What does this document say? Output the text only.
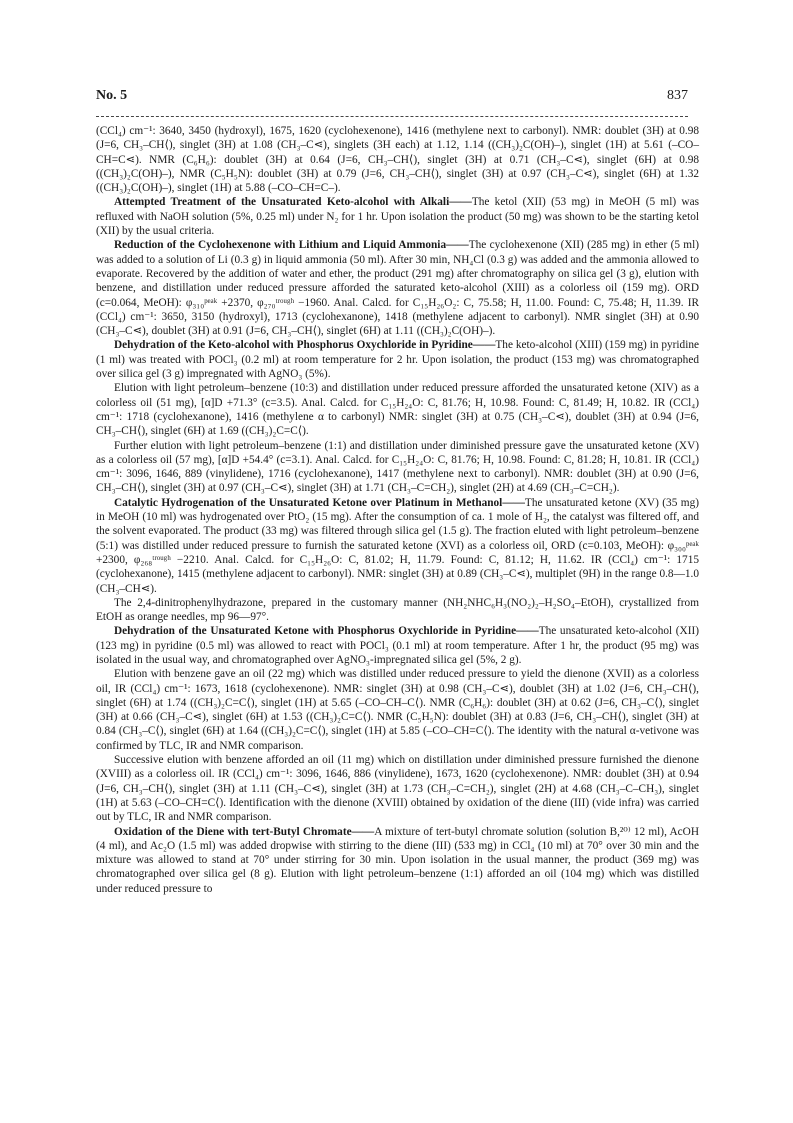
No. 5	837

(CCl₄) cm⁻¹: 3640, 3450 (hydroxyl), 1675, 1620 (cyclohexenone), 1416 (methylene next to carbonyl). NMR: doublet (3H) at 0.98 (J=6, CH₃–CH⟨), singlet (3H) at 1.08 (CH₃–C⋖), singlets (3H each) at 1.12, 1.14 ((CH₃)₂C(OH)–), singlet (1H) at 5.61 (–CO–CH=C⋖). NMR (C₆H₆): doublet (3H) at 0.64 (J=6, CH₃–CH⟨), singlet (3H) at 0.71 (CH₃–C⋖), singlet (6H) at 0.98 ((CH₃)₂C(OH)–), NMR (C₅H₅N): doublet (3H) at 0.79 (J=6, CH₃–CH⟨), singlet (3H) at 0.97 (CH₃–C⋖), singlet (6H) at 1.32 ((CH₃)₂C(OH)–), singlet (1H) at 5.88 (–CO–CH=C–).

Attempted Treatment of the Unsaturated Keto-alcohol with Alkali——The ketol (XII) (53 mg) in MeOH (5 ml) was refluxed with NaOH solution (5%, 0.25 ml) under N₂ for 1 hr. Upon isolation the product (50 mg) was shown to be the starting ketol (XII) by the usual criteria.

Reduction of the Cyclohexenone with Lithium and Liquid Ammonia——The cyclohexenone (XII) (285 mg) in ether (5 ml) was added to a solution of Li (0.3 g) in liquid ammonia (50 ml). After 30 min, NH₄Cl (0.3 g) was added and the ammonia allowed to evaporate. Recovered by the addition of water and ether, the product (291 mg) after chromatography on silica gel (3 g), elution with benzene, and distillation under reduced pressure afforded the saturated keto-alcohol (XIII) as a colorless oil (159 mg). ORD (c=0.064, MeOH): φ₃₁₀ᵖᵉᵃᵏ +2370, φ₂₇₀ᵗʳᵒᵘᵍʰ −1960. Anal. Calcd. for C₁₅H₂₆O₂: C, 75.58; H, 11.00. Found: C, 75.48; H, 11.39. IR (CCl₄) cm⁻¹: 3650, 3150 (hydroxyl), 1713 (cyclohexanone), 1418 (methylene adjacent to carbonyl). NMR singlet (3H) at 0.90 (CH₃–C⋖), doublet (3H) at 0.91 (J=6, CH₃–CH⟨), singlet (6H) at 1.11 ((CH₃)₂C(OH)–).

Dehydration of the Keto-alcohol with Phosphorus Oxychloride in Pyridine——The keto-alcohol (XIII) (159 mg) in pyridine (1 ml) was treated with POCl₃ (0.2 ml) at room temperature for 2 hr. Upon isolation, the product (153 mg) was chromatographed over silica gel (3 g) impregnated with AgNO₃ (5%).

Elution with light petroleum–benzene (10:3) and distillation under reduced pressure afforded the unsaturated ketone (XIV) as a colorless oil (51 mg), [α]D +71.3° (c=3.5). Anal. Calcd. for C₁₅H₂₄O: C, 81.76; H, 10.98. Found: C, 81.49; H, 10.82. IR (CCl₄) cm⁻¹: 1718 (cyclohexanone), 1416 (methylene α to carbonyl) NMR: singlet (3H) at 0.75 (CH₃–C⋖), doublet (3H) at 0.94 (J=6, CH₃–CH⟨), singlet (6H) at 1.69 ((CH₃)₂C=C⟨).

Further elution with light petroleum–benzene (1:1) and distillation under diminished pressure gave the unsaturated ketone (XV) as a colorless oil (57 mg), [α]D +54.4° (c=3.1). Anal. Calcd. for C₁₅H₂₄O: C, 81.76; H, 10.98. Found: C, 81.28; H, 10.81. IR (CCl₄) cm⁻¹: 3096, 1646, 889 (vinylidene), 1716 (cyclohexanone), 1417 (methylene next to carbonyl). NMR: doublet (3H) at 0.90 (J=6, CH₃–CH⟨), singlet (3H) at 0.97 (CH₃–C⋖), singlet (3H) at 1.71 (CH₃–C=CH₂), singlet (2H) at 4.69 (CH₃–C=CH₂).

Catalytic Hydrogenation of the Unsaturated Ketone over Platinum in Methanol——The unsaturated ketone (XV) (35 mg) in MeOH (10 ml) was hydrogenated over PtO₂ (15 mg). After the consumption of ca. 1 mole of H₂, the catalyst was filtered off, and the solvent evaporated. The product (33 mg) was filtered through silica gel (1.5 g). The fraction eluted with light petroleum–benzene (5:1) was distilled under reduced pressure to furnish the saturated ketone (XVI) as a colorless oil, ORD (c=0.103, MeOH): φ₃₀₀ᵖᵉᵃᵏ +2300, φ₂₆₈ᵗʳᵒᵘᵍʰ −2210. Anal. Calcd. for C₁₅H₂₆O: C, 81.02; H, 11.79. Found: C, 81.12; H, 11.62. IR (CCl₄) cm⁻¹: 1715 (cyclohexanone), 1415 (methylene adjacent to carbonyl). NMR: singlet (3H) at 0.89 (CH₃–C⋖), multiplet (9H) in the range 0.8—1.0 (CH₃–CH⋖).

The 2,4-dinitrophenylhydrazone, prepared in the customary manner (NH₂NHC₆H₃(NO₂)₂–H₂SO₄–EtOH), crystallized from EtOH as orange needles, mp 96—97°.

Dehydration of the Unsaturated Ketone with Phosphorus Oxychloride in Pyridine——The unsaturated keto-alcohol (XII) (123 mg) in pyridine (0.5 ml) was allowed to react with POCl₃ (0.1 ml) at room temperature. After 1 hr, the product (95 mg) was isolated in the usual way, and chromatographed over AgNO₃-impregnated silica gel (5%, 2 g).

Elution with benzene gave an oil (22 mg) which was distilled under reduced pressure to yield the dienone (XVII) as a colorless oil, IR (CCl₄) cm⁻¹: 1673, 1618 (cyclohexenone). NMR: singlet (3H) at 0.98 (CH₃–C⋖), doublet (3H) at 1.02 (J=6, CH₃–CH⟨), singlet (6H) at 1.74 ((CH₃)₂C=C⟨), singlet (1H) at 5.65 (–CO–CH–C⟨). NMR (C₆H₆): doublet (3H) at 0.62 (J=6, CH₃–C⟨), singlet (3H) at 0.66 (CH₃–C⋖), singlet (6H) at 1.53 ((CH₃)₂C=C⟨). NMR (C₅H₅N): doublet (3H) at 0.83 (J=6, CH₃–CH⟨), singlet (3H) at 0.84 (CH₃–C⟨), singlet (6H) at 1.64 ((CH₃)₂C=C⟨), singlet (1H) at 5.85 (–CO–CH=C⟨). The identity with the natural α-vetivone was confirmed by TLC, IR and NMR comparison.

Successive elution with benzene afforded an oil (11 mg) which on distillation under diminished pressure furnished the dienone (XVIII) as a colorless oil. IR (CCl₄) cm⁻¹: 3096, 1646, 886 (vinylidene), 1673, 1620 (cyclohexenone). NMR: doublet (3H) at 0.94 (J=6, CH₃–CH⟨), singlet (3H) at 1.11 (CH₃–C⋖), singlet (3H) at 1.73 (CH₃–C=CH₂), singlet (2H) at 4.68 (CH₃–C–CH₃), singlet (1H) at 5.63 (–CO–CH=C⟨). Identification with the dienone (XVIII) obtained by oxidation of the diene (III) (vide infra) was carried out by TLC, IR and NMR comparison.

Oxidation of the Diene with tert-Butyl Chromate——A mixture of tert-butyl chromate solution (solution B,²⁰⁾ 12 ml), AcOH (4 ml), and Ac₂O (1.5 ml) was added dropwise with stirring to the diene (III) (533 mg) in CCl₄ (10 ml) at 70° over 30 min and the mixture was allowed to stand at 70° under stirring for 30 min. Upon isolation in the usual manner, the product (369 mg) was chromatographed over silica gel (8 g). Elution with light petroleum–benzene (1:1) afforded an oil (104 mg) which was distilled under reduced pressure to
